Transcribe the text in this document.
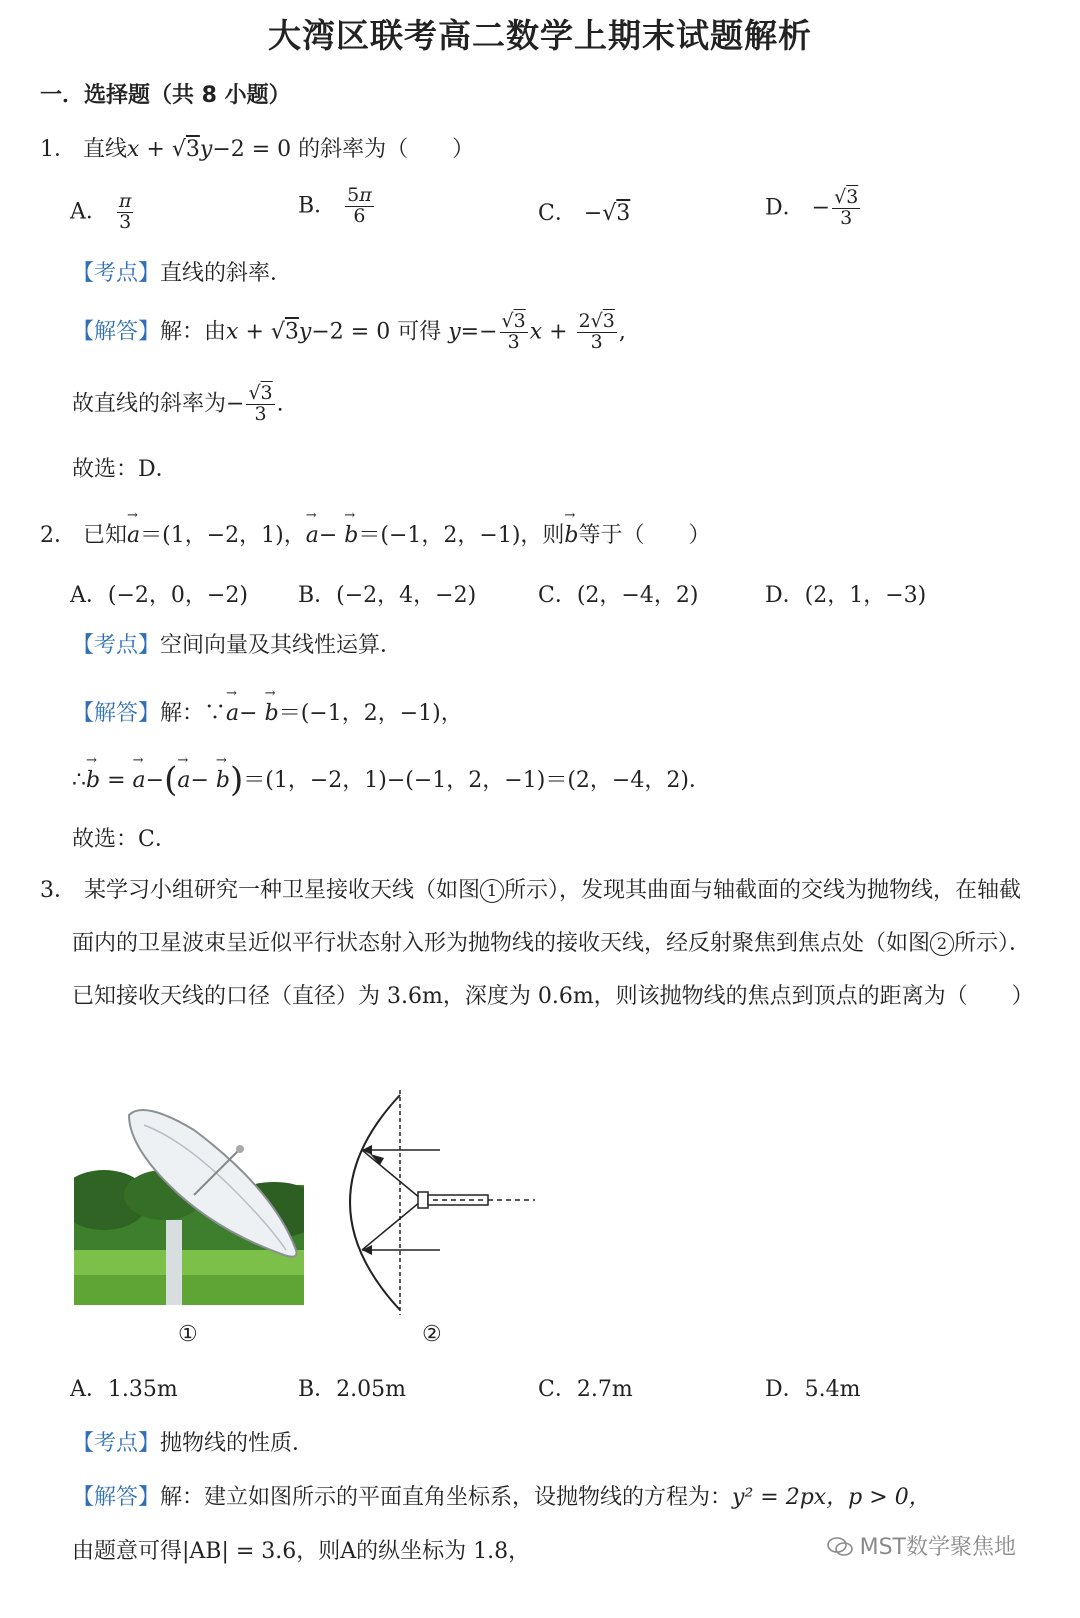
大湾区联考高二数学上期末试题解析
一．选择题（共 8 小题）
1． 直线x + √3y−2 = 0 的斜率为（　　）
A． $\frac{\pi}{3}$	B． $\frac{5\pi}{6}$	C． −√3	D． − $\frac{√3}{3}$
【考点】直线的斜率．
【解答】解：由x + √3y−2 = 0 可得 $y=- \frac{√3}{3}$ $x + \frac{2√3}{3}$ ,
故直线的斜率为− $\frac{√3}{3}$ .
故选：D．
2． 已知→ a＝(1，−2，1)，→ a− → b＝(−1，2，−1)，则→ b等于（　　）
A．(−2，0，−2) B．(−2，4，−2)	C．(2，−4，2)	D．(2，1，−3)
【考点】空间向量及其线性运算．
【解答】解：∵→ a− → b＝(−1，2，−1)，
∴→ b = → a−(→ a− → b)＝(1，−2，1)−(−1，2，−1)＝(2，−4，2)．
故选：C．
3． 某学习小组研究一种卫星接收天线（如图 1 所示），发现其曲面与轴截面的交线为抛物线，在轴截面内的卫星波束呈近似平行状态射入形为抛物线的接收天线，经反射聚焦到焦点处（如图 2 所示）．已知接收天线的口径（直径）为 3.6m，深度为 0.6m，则该抛物线的焦点到顶点的距离为（　　）
①	②
A．1.35m	B．2.05m	C．2.7m	D．5.4m
【考点】抛物线的性质．
【解答】解：建立如图所示的平面直角坐标系，设抛物线的方程为：y² = 2px，p > 0，
由题意可得|AB| = 3.6，则A的纵坐标为 1.8，	MST数学聚焦地
